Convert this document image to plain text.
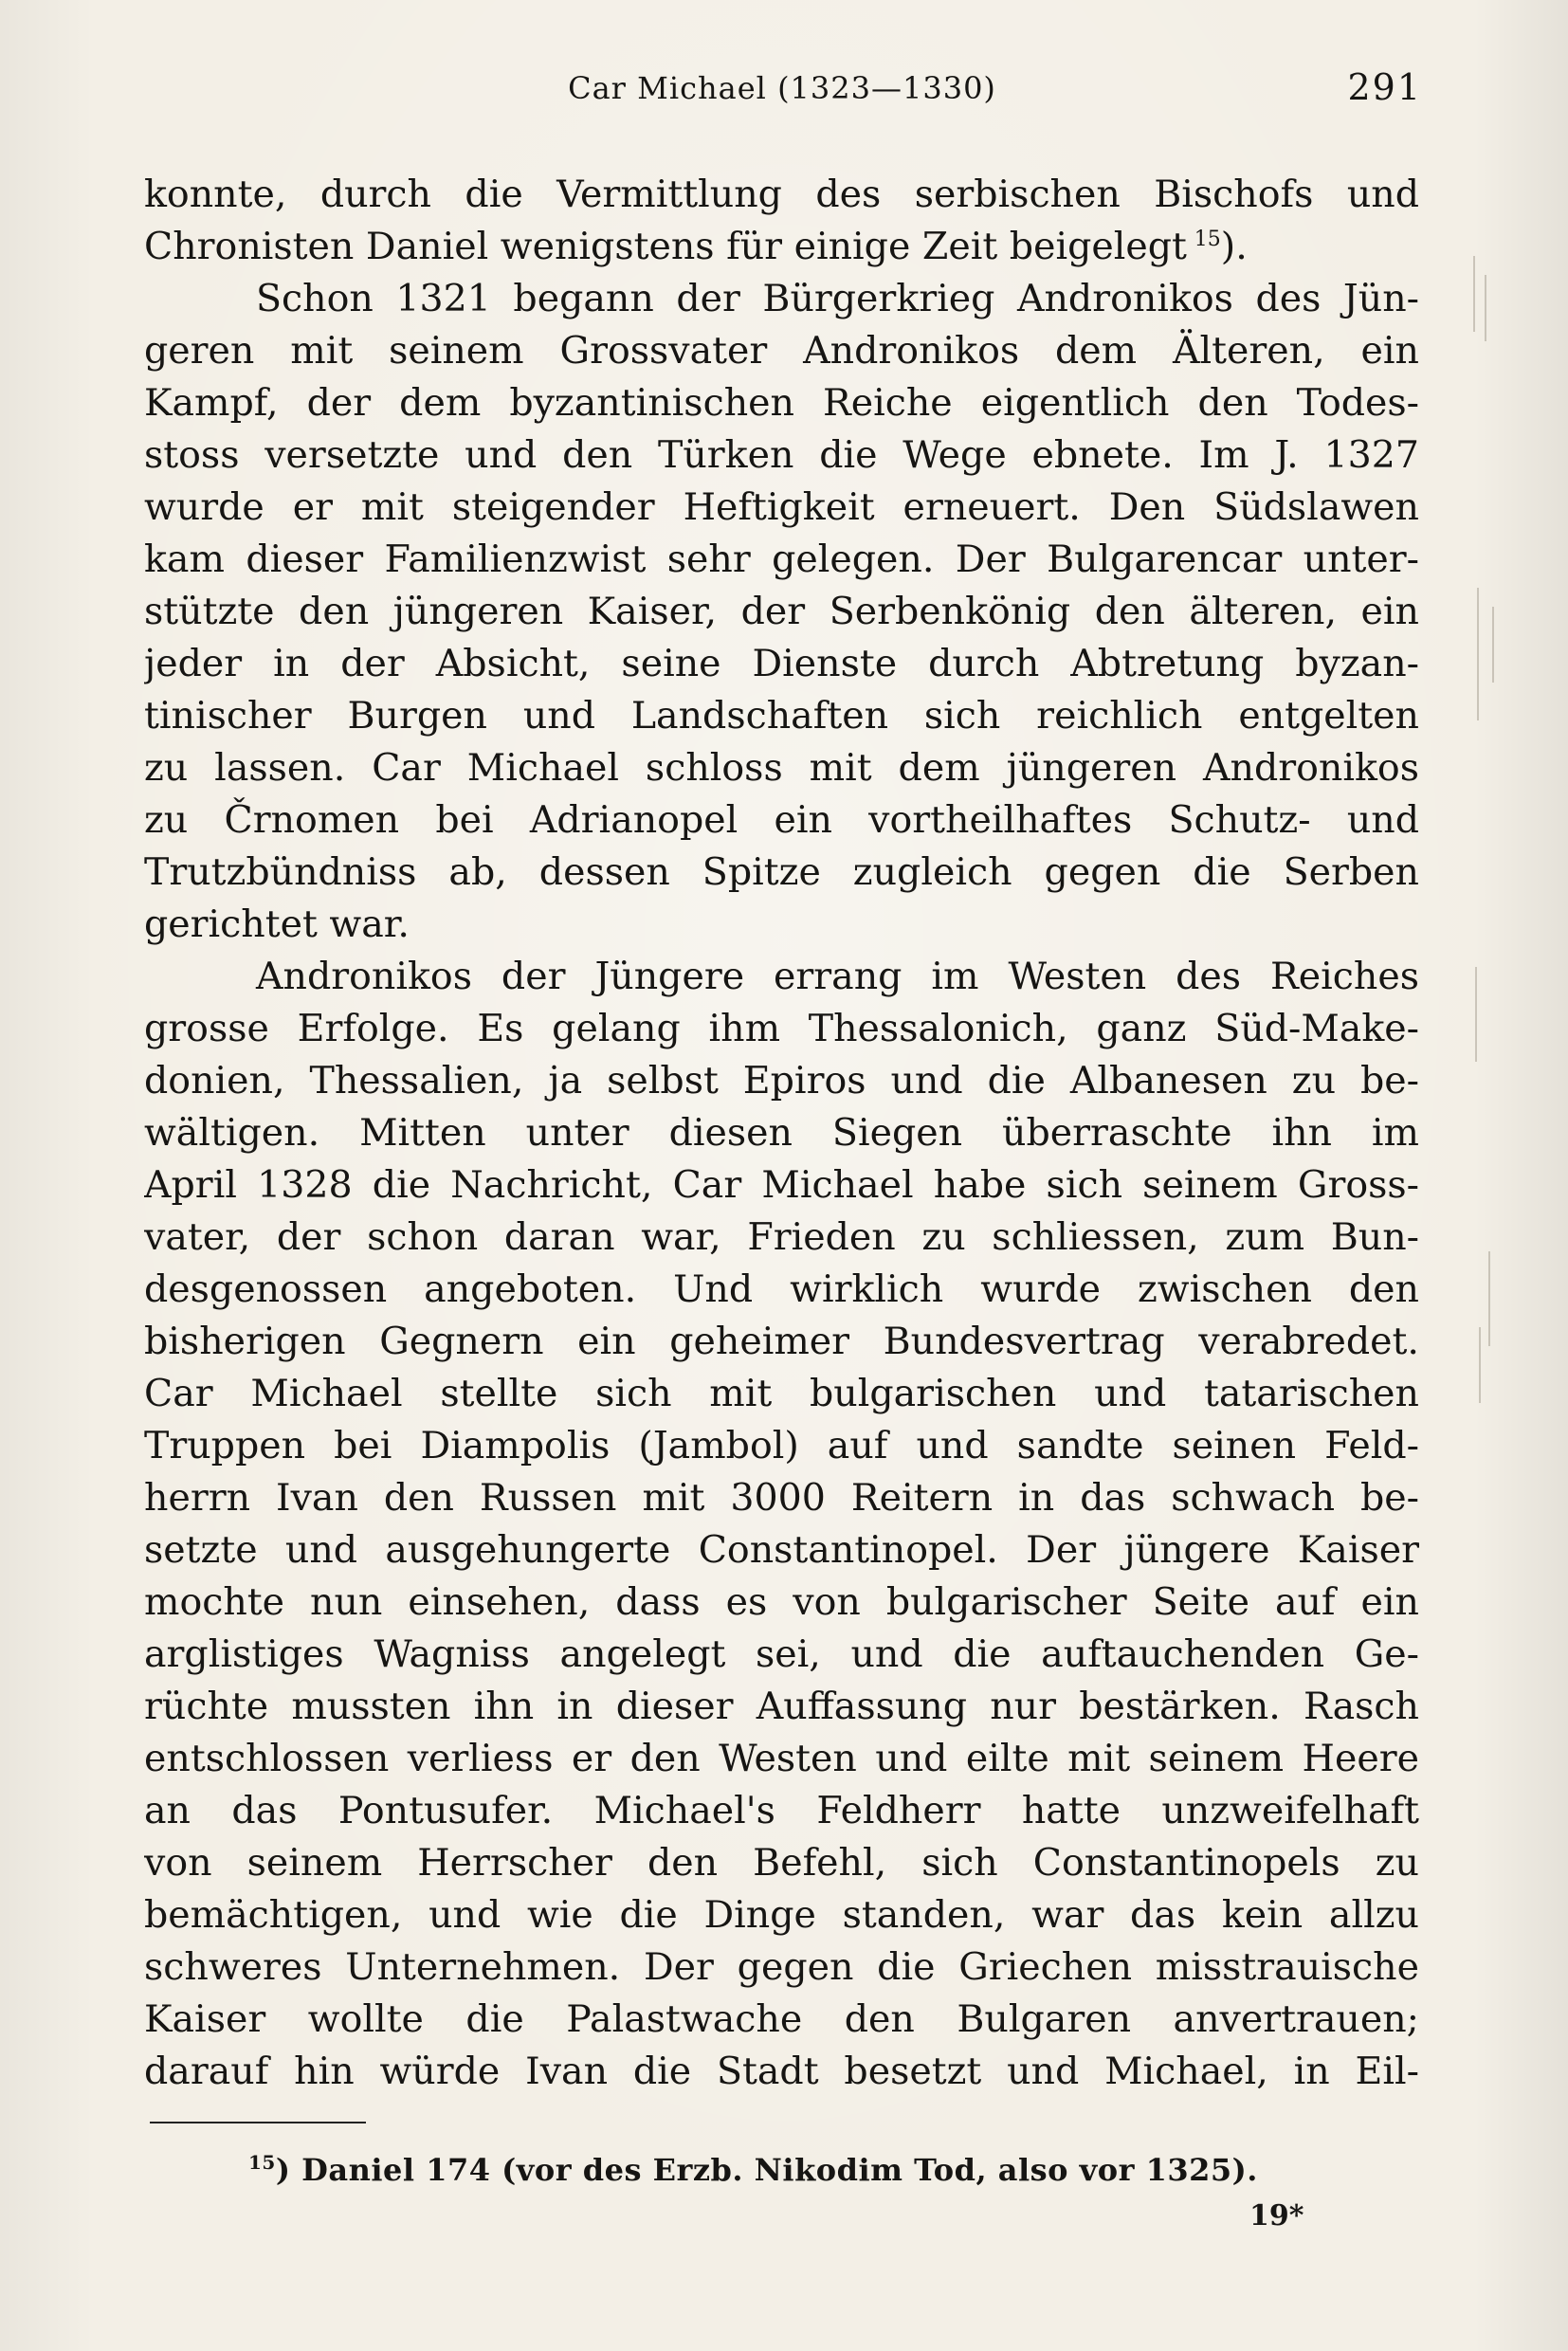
Car Michael (1323—1330)	291
konnte, durch die Vermittlung des serbischen Bischofs und
Chronisten Daniel wenigstens für einige Zeit beigelegt  $^{15}$).
Schon 1321 begann der Bürgerkrieg Andronikos des Jün-
geren mit seinem Grossvater Andronikos dem Älteren, ein
Kampf, der dem byzantinischen Reiche eigentlich den Todes-
stoss versetzte und den Türken die Wege ebnete. Im J. 1327
wurde er mit steigender Heftigkeit erneuert. Den Südslawen
kam dieser Familienzwist sehr gelegen. Der Bulgarencar unter-
stützte den jüngeren Kaiser, der Serbenkönig den älteren, ein
jeder in der Absicht, seine Dienste durch Abtretung byzan-
tinischer Burgen und Landschaften sich reichlich entgelten
zu lassen. Car Michael schloss mit dem jüngeren Andronikos
zu Črnomen bei Adrianopel ein vortheilhaftes Schutz- und
Trutzbündniss ab, dessen Spitze zugleich gegen die Serben
gerichtet war.
Andronikos der Jüngere errang im Westen des Reiches
grosse Erfolge. Es gelang ihm Thessalonich, ganz Süd-Make-
donien, Thessalien, ja selbst Epiros und die Albanesen zu be-
wältigen. Mitten unter diesen Siegen überraschte ihn im
April 1328 die Nachricht, Car Michael habe sich seinem Gross-
vater, der schon daran war, Frieden zu schliessen, zum Bun-
desgenossen angeboten. Und wirklich wurde zwischen den
bisherigen Gegnern ein geheimer Bundesvertrag verabredet.
Car Michael stellte sich mit bulgarischen und tatarischen
Truppen bei Diampolis (Jambol) auf und sandte seinen Feld-
herrn Ivan den Russen mit 3000 Reitern in das schwach be-
setzte und ausgehungerte Constantinopel. Der jüngere Kaiser
mochte nun einsehen, dass es von bulgarischer Seite auf ein
arglistiges Wagniss angelegt sei, und die auftauchenden Ge-
rüchte mussten ihn in dieser Auffassung nur bestärken. Rasch
entschlossen verliess er den Westen und eilte mit seinem Heere
an das Pontusufer. Michael's Feldherr hatte unzweifelhaft
von seinem Herrscher den Befehl, sich Constantinopels zu
bemächtigen, und wie die Dinge standen, war das kein allzu
schweres Unternehmen. Der gegen die Griechen misstrauische
Kaiser wollte die Palastwache den Bulgaren anvertrauen;
darauf hin würde Ivan die Stadt besetzt und Michael, in Eil-
$^{15}$) Daniel 174 (vor des Erzb. Nikodim Tod, also vor 1325).
19*
